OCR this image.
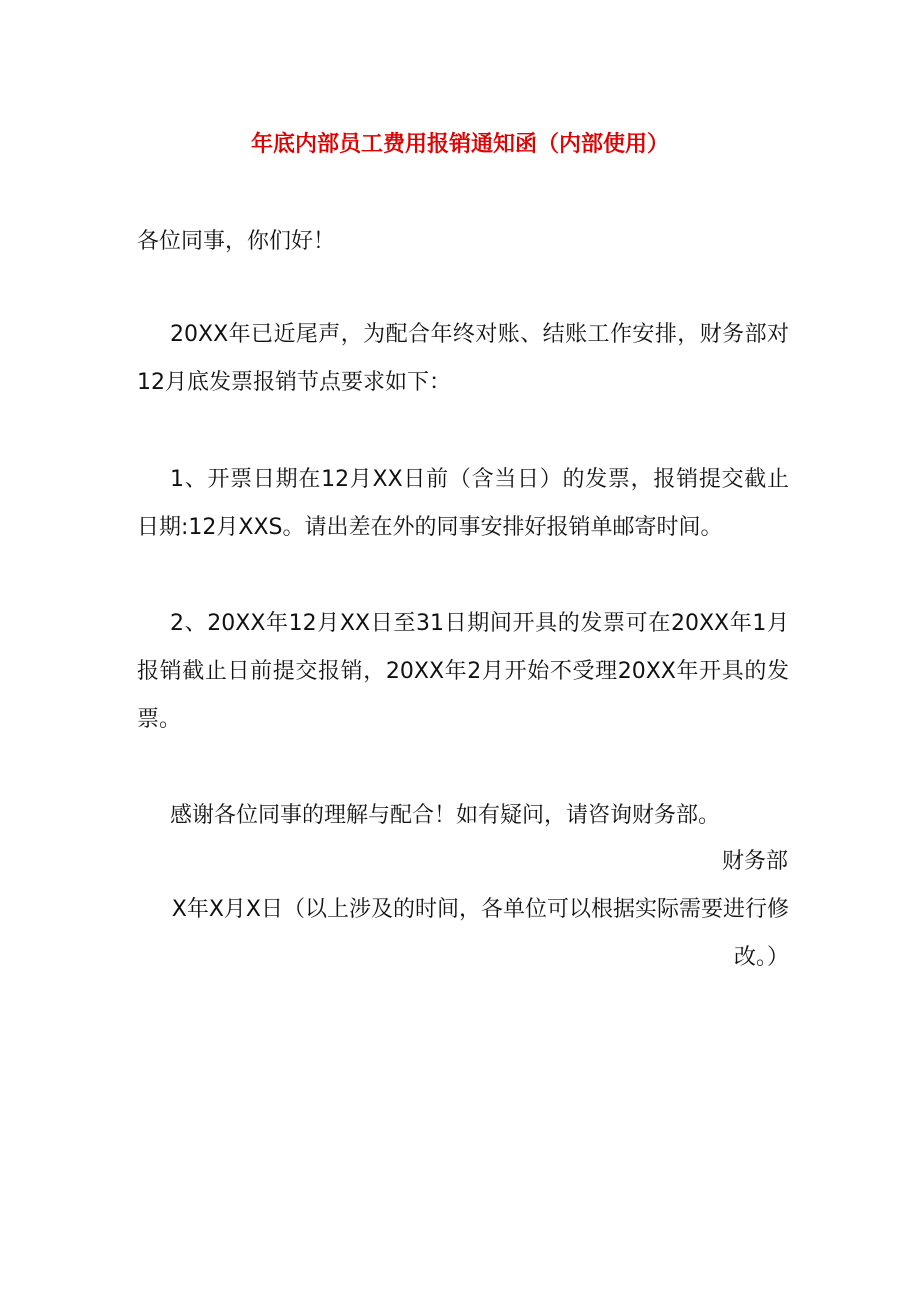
年底内部员工费用报销通知函（内部使用）

各位同事，你们好！

20XX年已近尾声，为配合年终对账、结账工作安排，财务部对12月底发票报销节点要求如下：

1、开票日期在12月XX日前（含当日）的发票，报销提交截止日期:12月XXS。请出差在外的同事安排好报销单邮寄时间。

2、20XX年12月XX日至31日期间开具的发票可在20XX年1月报销截止日前提交报销，20XX年2月开始不受理20XX年开具的发票。

感谢各位同事的理解与配合！如有疑问，请咨询财务部。

财务部

X年X月X日（以上涉及的时间，各单位可以根据实际需要进行修改。）
